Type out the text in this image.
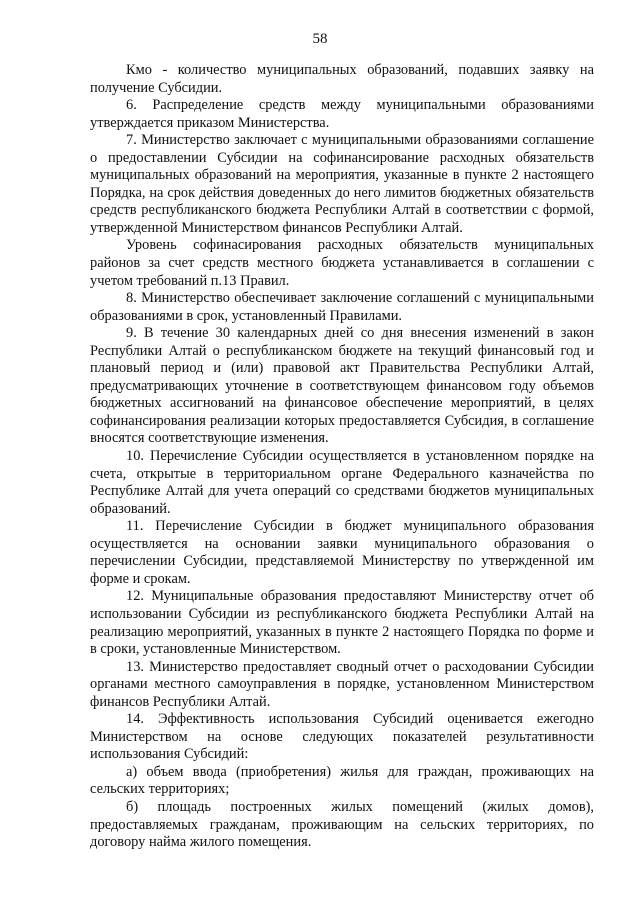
58

Кмо - количество муниципальных образований, подавших заявку на получение Субсидии.

6. Распределение средств между муниципальными образованиями утверждается приказом Министерства.

7. Министерство заключает с муниципальными образованиями соглашение о предоставлении Субсидии на софинансирование расходных обязательств муниципальных образований на мероприятия, указанные в пункте 2 настоящего Порядка, на срок действия доведенных до него лимитов бюджетных обязательств средств республиканского бюджета Республики Алтай в соответствии с формой, утвержденной Министерством финансов Республики Алтай.

Уровень софинасирования расходных обязательств муниципальных районов за счет средств местного бюджета устанавливается в соглашении с учетом требований п.13 Правил.

8. Министерство обеспечивает заключение соглашений с муниципальными образованиями в срок, установленный Правилами.

9. В течение 30 календарных дней со дня внесения изменений в закон Республики Алтай о республиканском бюджете на текущий финансовый год и плановый период и (или) правовой акт Правительства Республики Алтай, предусматривающих уточнение в соответствующем финансовом году объемов бюджетных ассигнований на финансовое обеспечение мероприятий, в целях софинансирования реализации которых предоставляется Субсидия, в соглашение вносятся соответствующие изменения.

10. Перечисление Субсидии осуществляется в установленном порядке на счета, открытые в территориальном органе Федерального казначейства по Республике Алтай для учета операций со средствами бюджетов муниципальных образований.

11. Перечисление Субсидии в бюджет муниципального образования осуществляется на основании заявки муниципального образования о перечислении Субсидии, представляемой Министерству по утвержденной им форме и срокам.

12. Муниципальные образования предоставляют Министерству отчет об использовании Субсидии из республиканского бюджета Республики Алтай на реализацию мероприятий, указанных в пункте 2 настоящего Порядка по форме и в сроки, установленные Министерством.

13. Министерство предоставляет сводный отчет о расходовании Субсидии органами местного самоуправления в порядке, установленном Министерством финансов Республики Алтай.

14. Эффективность использования Субсидий оценивается ежегодно Министерством на основе следующих показателей результативности использования Субсидий:

а) объем ввода (приобретения) жилья для граждан, проживающих на сельских территориях;

б) площадь построенных жилых помещений (жилых домов), предоставляемых гражданам, проживающим на сельских территориях, по договору найма жилого помещения.
